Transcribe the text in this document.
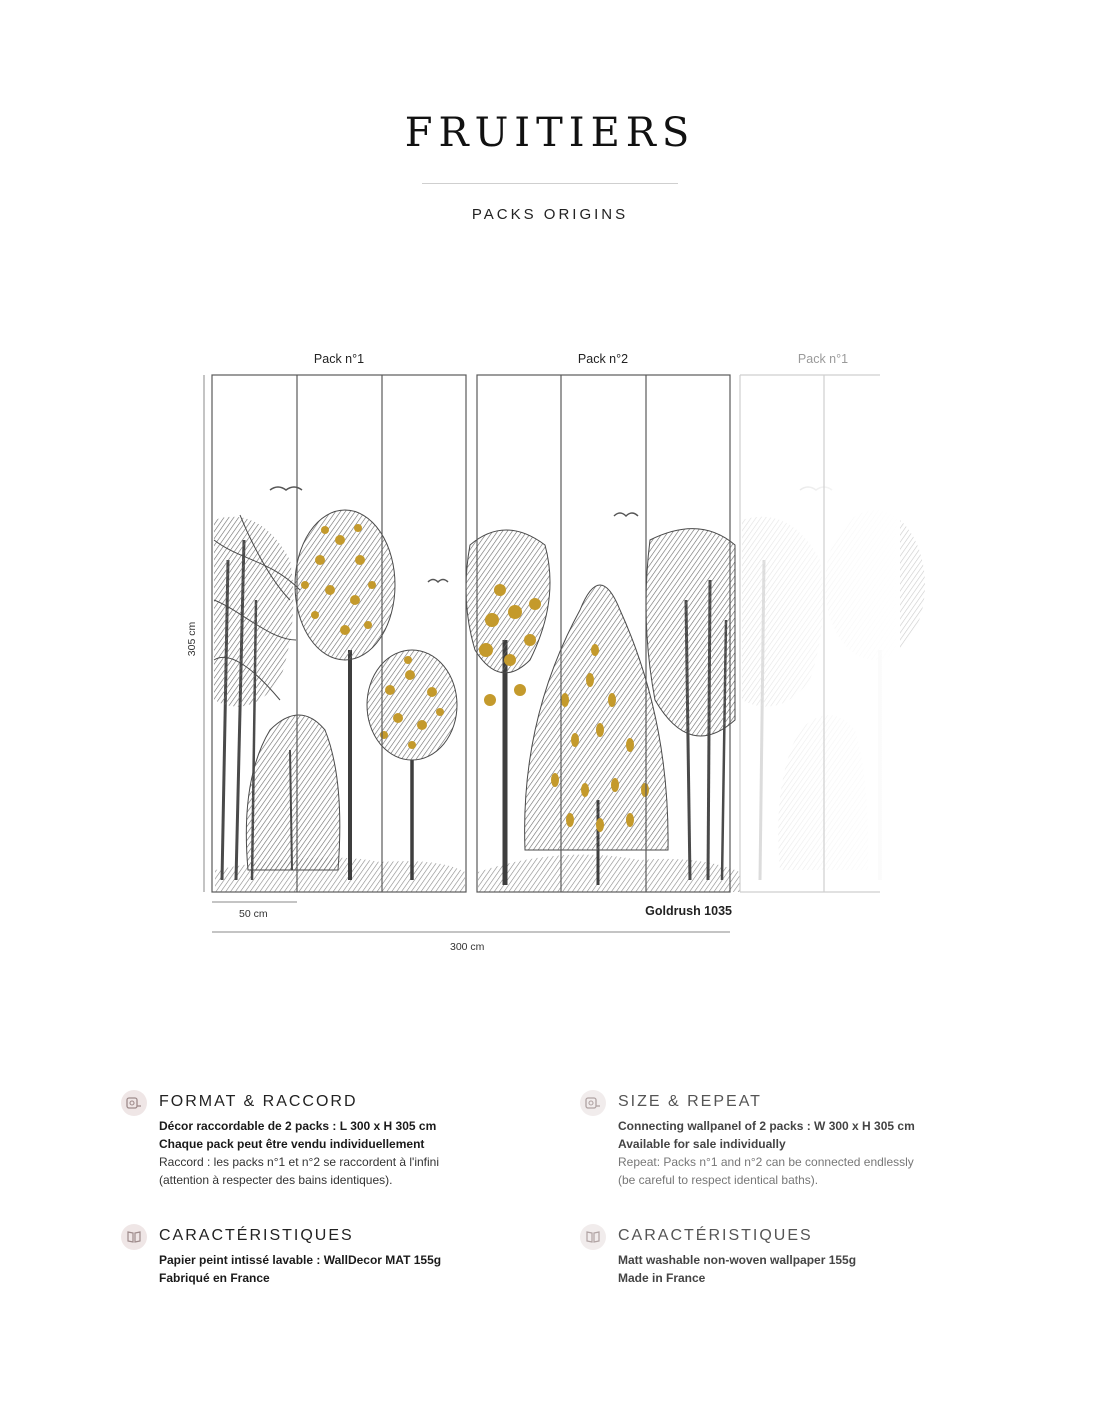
FRUITIERS
PACKS ORIGINS
Pack n°1	Pack n°2	Pack n°1
305 cm
50 cm
300 cm
Goldrush 1035
FORMAT & RACCORD
Décor raccordable de 2 packs : L 300 x H 305 cm
Chaque pack peut être vendu individuellement
Raccord : les packs n°1 et n°2 se raccordent à l'infini
(attention à respecter des bains identiques).
SIZE & REPEAT
Connecting wallpanel of 2 packs : W 300 x H 305 cm
Available for sale individually
Repeat: Packs n°1 and n°2 can be connected endlessly
(be careful to respect identical baths).
CARACTÉRISTIQUES
Papier peint intissé lavable : WallDecor MAT 155g
Fabriqué en France
CARACTÉRISTIQUES
Matt washable non-woven wallpaper 155g
Made in France
